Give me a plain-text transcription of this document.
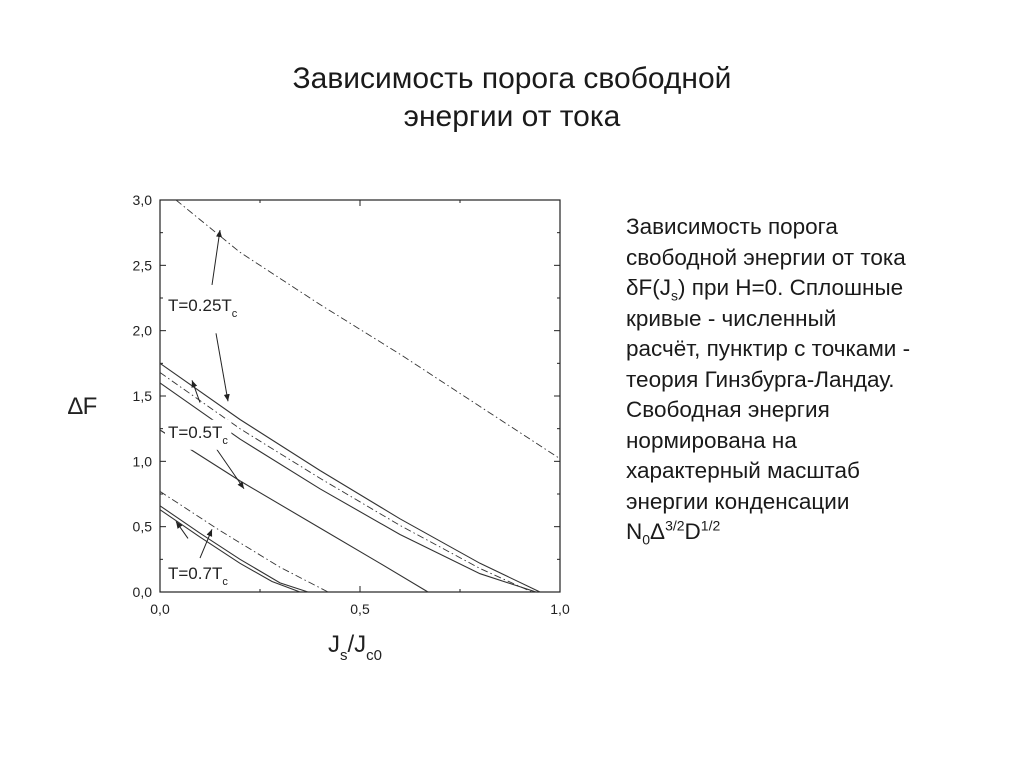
Зависимость порога свободной
энергии от тока
0,0
0,5
1,0
1,5
2,0
2,5
3,0
0,0	0,5	1,0
$T=0.25T_c$
$T=0.5T_c$
$T=0.7T_c$
∆F
$J_s/J_{c0}$
Зависимость порога
свободной энергии от тока
$\delta F(J_s)$ при H=0. Сплошные
кривые - численный
расчёт, пунктир с точками -
теория Гинзбурга-Ландау.
Свободная энергия
нормирована на
характерный масштаб
энергии конденсации
$N_0\Delta^{3/2}D^{1/2}$
